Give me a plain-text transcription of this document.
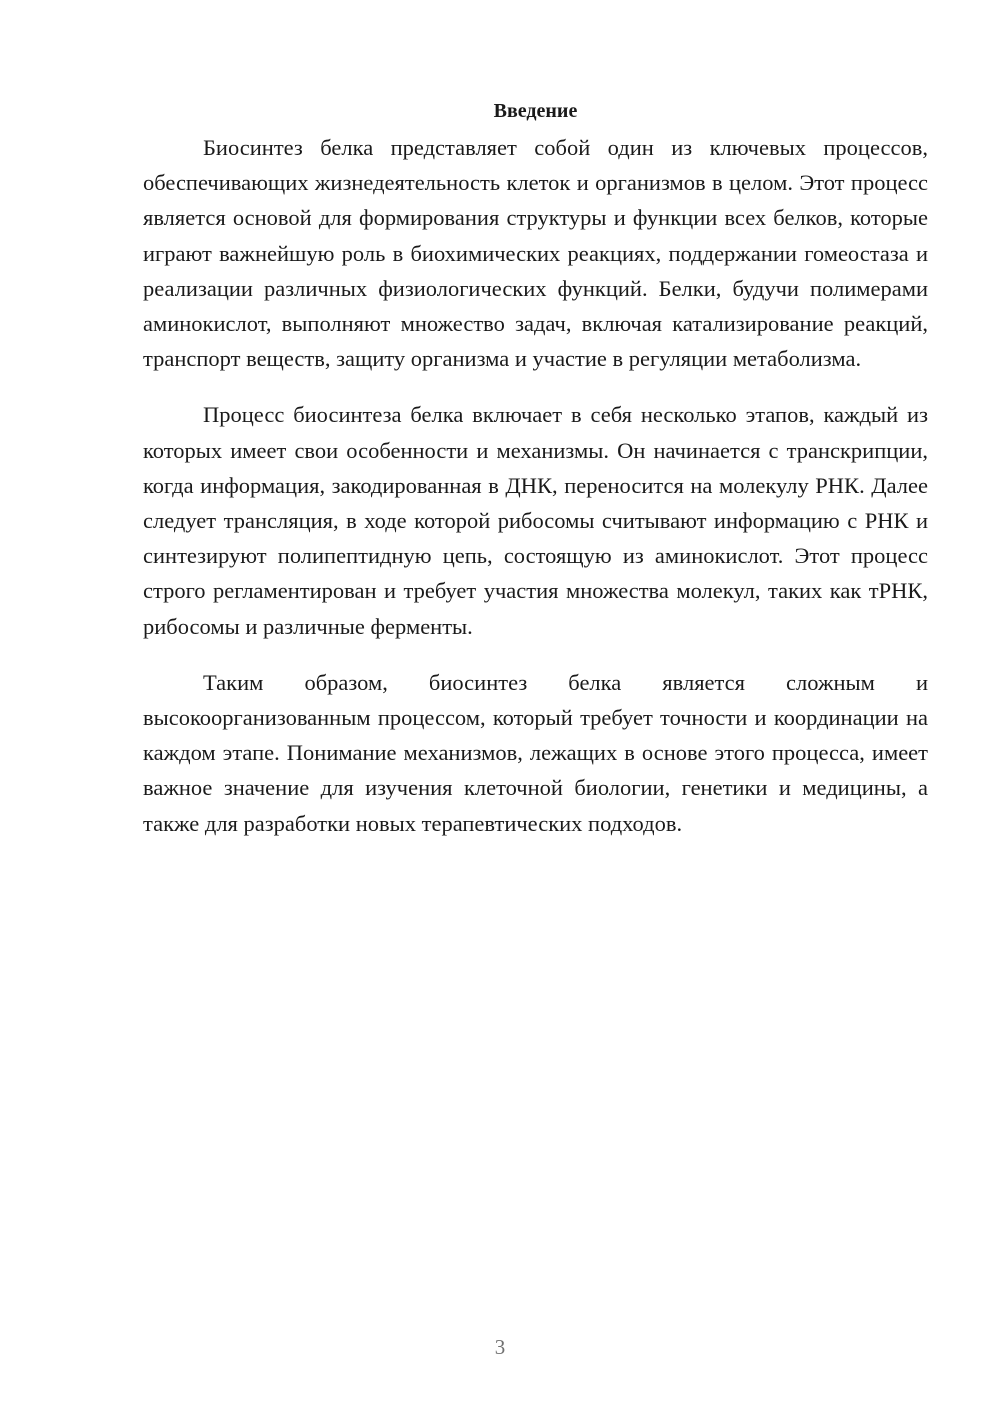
Введение

Биосинтез белка представляет собой один из ключевых процессов, обеспечивающих жизнедеятельность клеток и организмов в целом. Этот процесс является основой для формирования структуры и функции всех белков, которые играют важнейшую роль в биохимических реакциях, поддержании гомеостаза и реализации различных физиологических функций. Белки, будучи полимерами аминокислот, выполняют множество задач, включая катализирование реакций, транспорт веществ, защиту организма и участие в регуляции метаболизма.

Процесс биосинтеза белка включает в себя несколько этапов, каждый из которых имеет свои особенности и механизмы. Он начинается с транскрипции, когда информация, закодированная в ДНК, переносится на молекулу РНК. Далее следует трансляция, в ходе которой рибосомы считывают информацию с РНК и синтезируют полипептидную цепь, состоящую из аминокислот. Этот процесс строго регламентирован и требует участия множества молекул, таких как тРНК, рибосомы и различные ферменты.

Таким образом, биосинтез белка является сложным и высокоорганизованным процессом, который требует точности и координации на каждом этапе. Понимание механизмов, лежащих в основе этого процесса, имеет важное значение для изучения клеточной биологии, генетики и медицины, а также для разработки новых терапевтических подходов.

3
